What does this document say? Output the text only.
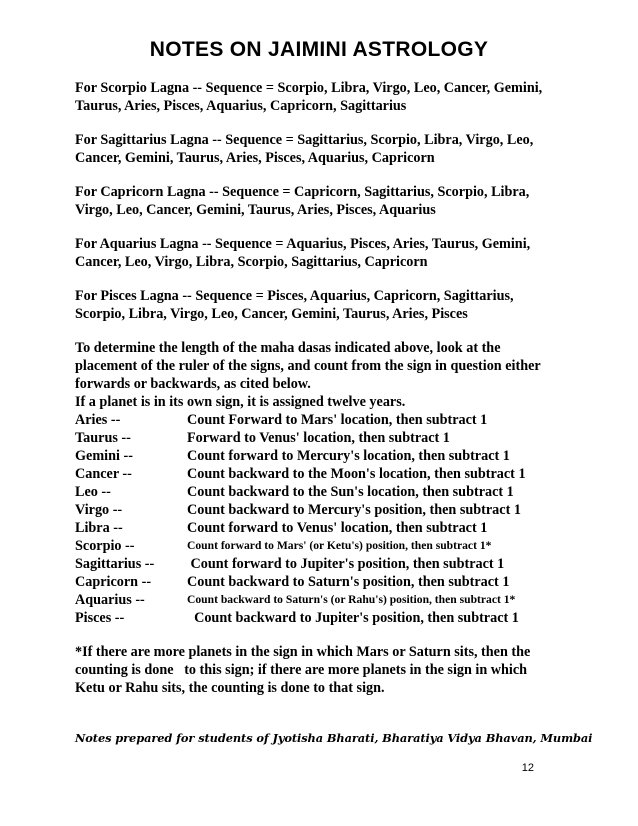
NOTES ON JAIMINI ASTROLOGY

For Scorpio Lagna -- Sequence = Scorpio, Libra, Virgo, Leo, Cancer, Gemini,

Taurus, Aries, Pisces, Aquarius, Capricorn, Sagittarius

For Sagittarius Lagna -- Sequence = Sagittarius, Scorpio, Libra, Virgo, Leo,

Cancer, Gemini, Taurus, Aries, Pisces, Aquarius, Capricorn

For Capricorn Lagna -- Sequence = Capricorn, Sagittarius, Scorpio, Libra,

Virgo, Leo, Cancer, Gemini, Taurus, Aries, Pisces, Aquarius

For Aquarius Lagna -- Sequence = Aquarius, Pisces, Aries, Taurus, Gemini,

Cancer, Leo, Virgo, Libra, Scorpio, Sagittarius, Capricorn

For Pisces Lagna -- Sequence = Pisces, Aquarius, Capricorn, Sagittarius,

Scorpio, Libra, Virgo, Leo, Cancer, Gemini, Taurus, Aries, Pisces

To determine the length of the maha dasas indicated above, look at the

placement of the ruler of the signs, and count from the sign in question either

forwards or backwards, as cited below.

If a planet is in its own sign, it is assigned twelve years.

Aries --	Count Forward to Mars' location, then subtract 1
Taurus --	Forward to Venus' location, then subtract 1
Gemini --	Count forward to Mercury's location, then subtract 1
Cancer --	Count backward to the Moon's location, then subtract 1
Leo --	Count backward to the Sun's location, then subtract 1
Virgo --	Count backward to Mercury's position, then subtract 1
Libra --	Count forward to Venus' location, then subtract 1
Scorpio --	Count forward to Mars' (or Ketu's) position, then subtract 1*
Sagittarius --	Count forward to Jupiter's position, then subtract 1
Capricorn --	Count backward to Saturn's position, then subtract 1
Aquarius --	Count backward to Saturn's (or Rahu's) position, then subtract 1*
Pisces --	Count backward to Jupiter's position, then subtract 1

*If there are more planets in the sign in which Mars or Saturn sits, then the

counting is done   to this sign; if there are more planets in the sign in which

Ketu or Rahu sits, the counting is done to that sign.

Notes prepared for students of Jyotisha Bharati, Bharatiya Vidya Bhavan, Mumbai
12
